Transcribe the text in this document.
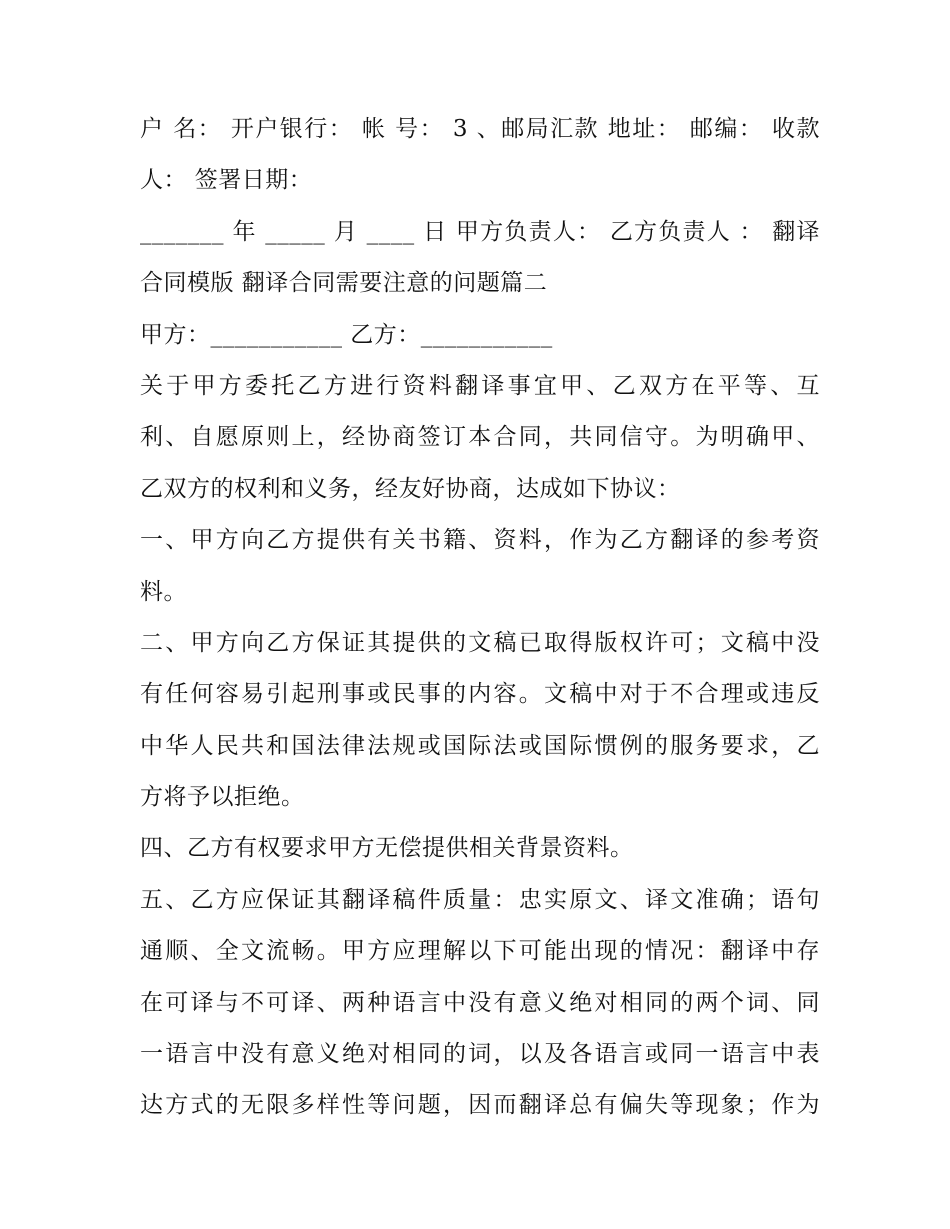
户 名： 开户银行： 帐 号： 3 、邮局汇款 地址： 邮编： 收款
人： 签署日期：
_______ 年 _____ 月 ____ 日 甲方负责人： 乙方负责人 ： 翻译
合同模版 翻译合同需要注意的问题篇二
甲方：___________ 乙方：___________
关于甲方委托乙方进行资料翻译事宜甲、乙双方在平等、互
利、自愿原则上，经协商签订本合同，共同信守。为明确甲、
乙双方的权利和义务，经友好协商，达成如下协议：
一、甲方向乙方提供有关书籍、资料，作为乙方翻译的参考资
料。
二、甲方向乙方保证其提供的文稿已取得版权许可；文稿中没
有任何容易引起刑事或民事的内容。文稿中对于不合理或违反
中华人民共和国法律法规或国际法或国际惯例的服务要求，乙
方将予以拒绝。
四、乙方有权要求甲方无偿提供相关背景资料。
五、乙方应保证其翻译稿件质量：忠实原文、译文准确；语句
通顺、全文流畅。甲方应理解以下可能出现的情况：翻译中存
在可译与不可译、两种语言中没有意义绝对相同的两个词、同
一语言中没有意义绝对相同的词，以及各语言或同一语言中表
达方式的无限多样性等问题，因而翻译总有偏失等现象；作为
